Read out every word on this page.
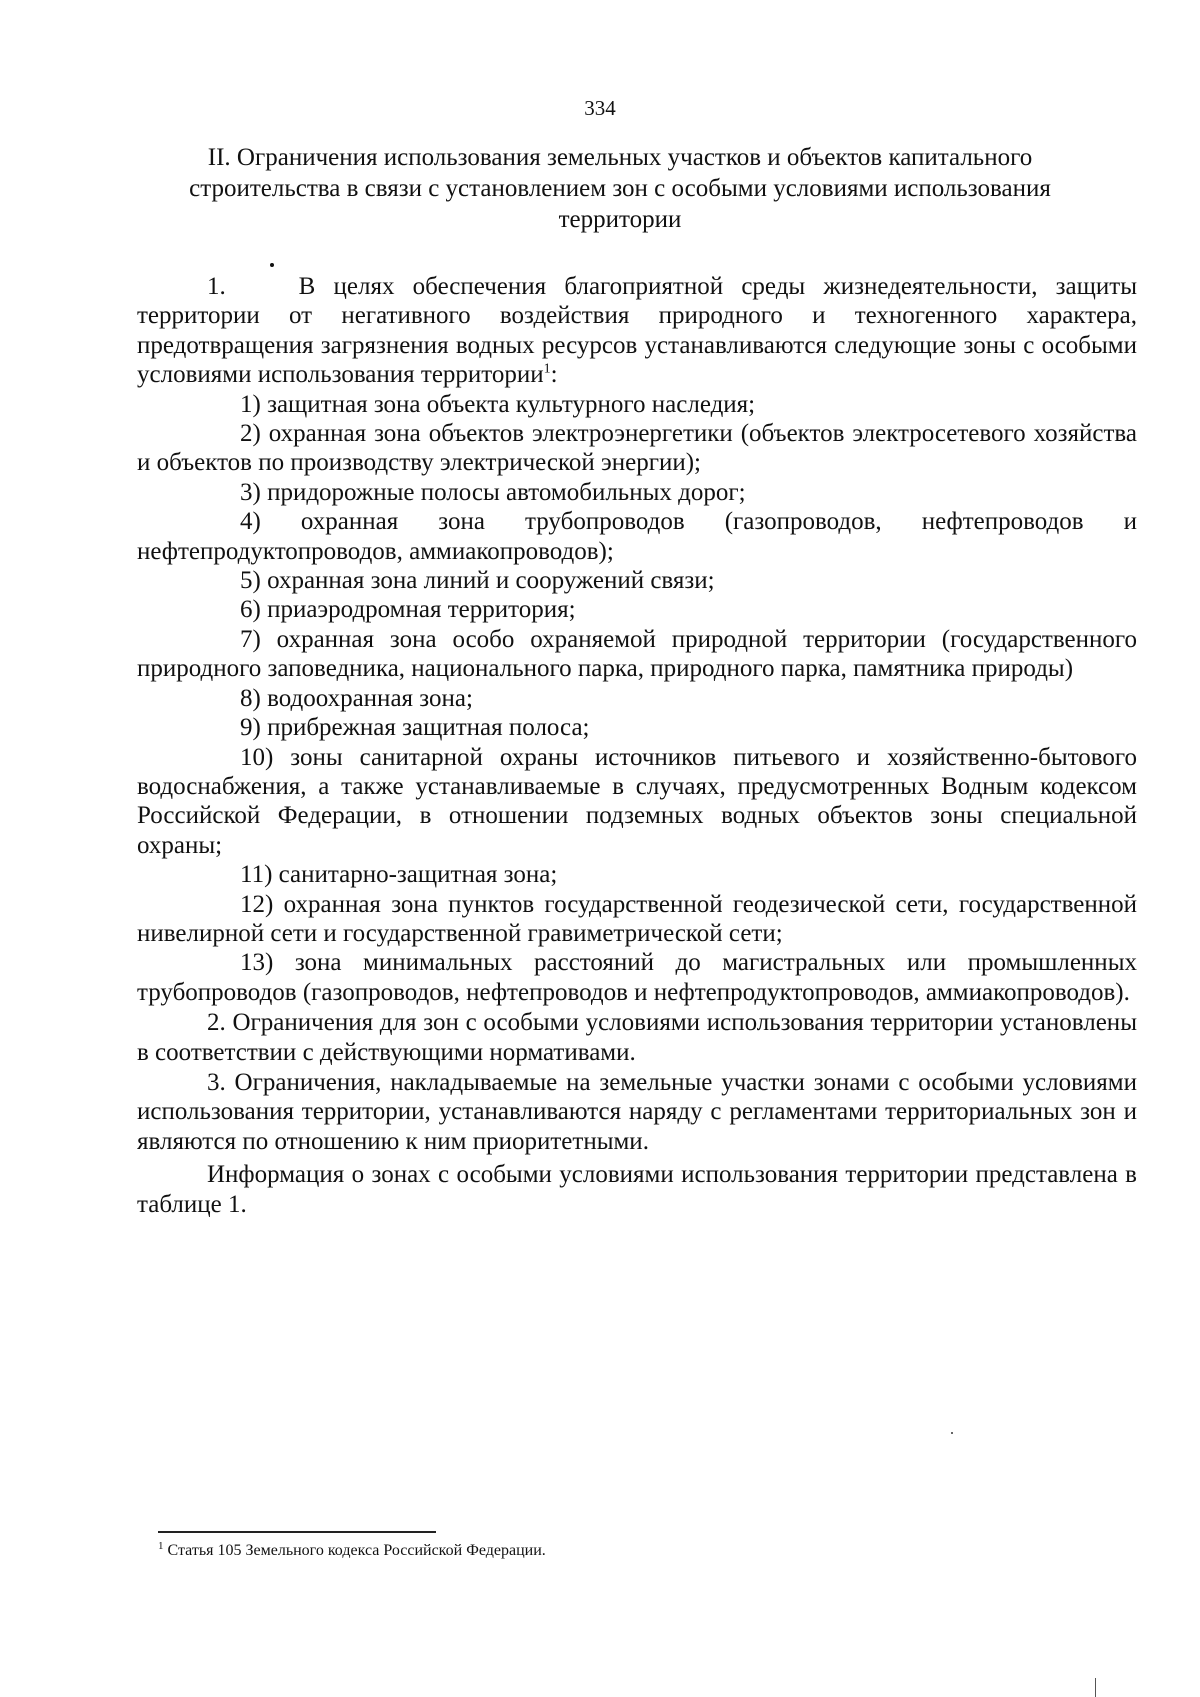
334
II. Ограничения использования земельных участков и объектов капитального строительства в связи с установлением зон с особыми условиями использования территории

1.	В целях обеспечения благоприятной среды жизнедеятельности, защиты территории от негативного воздействия природного и техногенного характера, предотвращения загрязнения водных ресурсов устанавливаются следующие зоны с особыми условиями использования территории$^1$:

1) защитная зона объекта культурного наследия;

2) охранная зона объектов электроэнергетики (объектов электросетевого хозяйства и объектов по производству электрической энергии);

3) придорожные полосы автомобильных дорог;

4) охранная зона трубопроводов (газопроводов, нефтепроводов и нефтепродуктопроводов, аммиакопроводов);

5) охранная зона линий и сооружений связи;

6) приаэродромная территория;

7) охранная зона особо охраняемой природной территории (государственного природного заповедника, национального парка, природного парка, памятника природы)

8) водоохранная зона;

9) прибрежная защитная полоса;

10) зоны санитарной охраны источников питьевого и хозяйственно-бытового водоснабжения, а также устанавливаемые в случаях, предусмотренных Водным кодексом Российской Федерации, в отношении подземных водных объектов зоны специальной охраны;

11) санитарно-защитная зона;

12) охранная зона пунктов государственной геодезической сети, государственной нивелирной сети и государственной гравиметрической сети;

13) зона минимальных расстояний до магистральных или промышленных трубопроводов (газопроводов, нефтепроводов и нефтепродуктопроводов, аммиакопроводов).

2. Ограничения для зон с особыми условиями использования территории установлены в соответствии с действующими нормативами.

3. Ограничения, накладываемые на земельные участки зонами с особыми условиями использования территории, устанавливаются наряду с регламентами территориальных зон и являются по отношению к ним приоритетными.

Информация о зонах с особыми условиями использования территории представлена в таблице 1.

$^1$ Статья 105 Земельного кодекса Российской Федерации.
